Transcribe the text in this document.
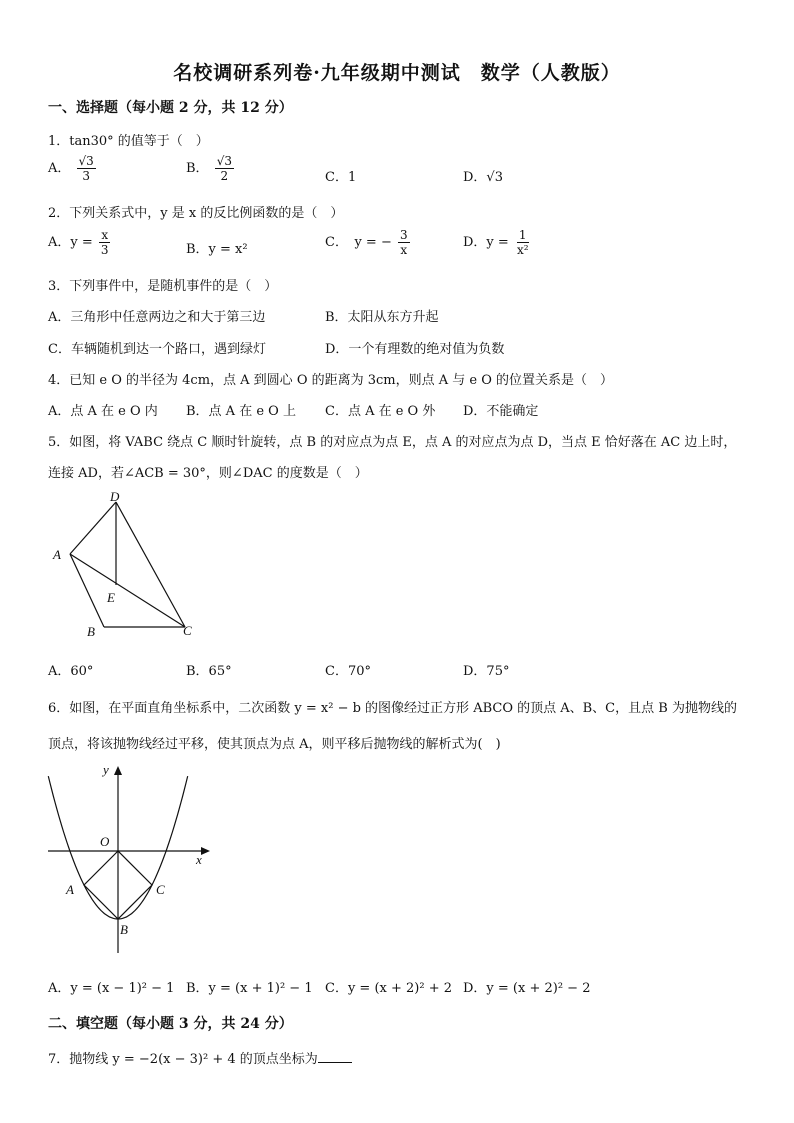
名校调研系列卷·九年级期中测试　数学（人教版）
一、选择题（每小题 2 分，共 12 分）
1．tan30° 的值等于（　）
A． $\frac{√3}{3}$	B． $\frac{√3}{2}$	C．1	D．√3
2．下列关系式中，y 是 x 的反比例函数的是（　）
A．$y = \frac{x}{3}$	B．y = x²	C．　y = − $\frac{3}{x}$	D．$y = \frac{1}{\text{x²}}$
3．下列事件中，是随机事件的是（　）
A．三角形中任意两边之和大于第三边	B．太阳从东方升起
C．车辆随机到达一个路口，遇到绿灯	D．一个有理数的绝对值为负数
4．已知 e O 的半径为 4cm，点 A 到圆心 O 的距离为 3cm，则点 A 与 e O 的位置关系是（　）
A．点 A 在 e O 内 B．点 A 在 e O 上 C．点 A 在 e O 外 D．不能确定
5．如图，将 VABC 绕点 C 顺时针旋转，点 B 的对应点为点 E，点 A 的对应点为点 D，当点 E 恰好落在 AC 边上时，
连接 AD，若∠ACB = 30°，则∠DAC 的度数是（　）
D
A
E
B	C
A．60°	B．65°	C．70°	D．75°
6．如图，在平面直角坐标系中，二次函数 y = x² − b 的图像经过正方形 ABCO 的顶点 A、B、C，且点 B 为抛物线的
顶点，将该抛物线经过平移，使其顶点为点 A，则平移后抛物线的解析式为(　)
y
x
O
A
B
C
A．y = (x − 1)² − 1 B．y = (x + 1)² − 1 C．y = (x + 2)² + 2 D．y = (x + 2)² − 2
二、填空题（每小题 3 分，共 24 分）
7．抛物线 y = −2(x − 3)² + 4 的顶点坐标为
